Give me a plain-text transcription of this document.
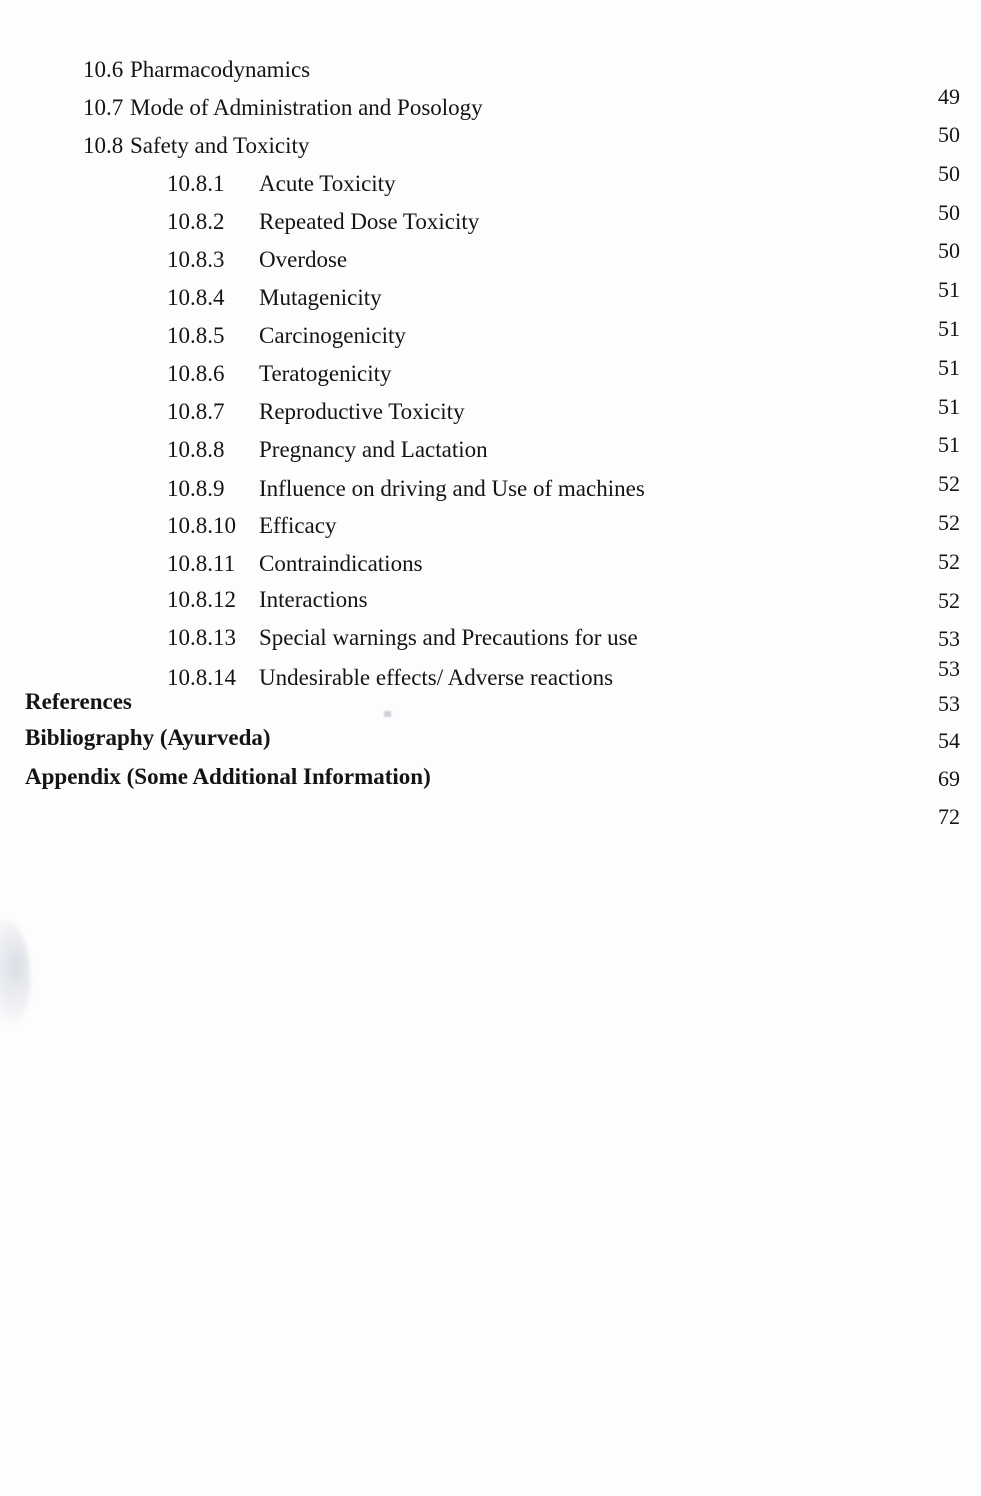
10.6 Pharmacodynamics
10.7 Mode of Administration and Posology
10.8 Safety and Toxicity
10.8.1 Acute Toxicity
10.8.2 Repeated Dose Toxicity
10.8.3 Overdose
10.8.4 Mutagenicity
10.8.5 Carcinogenicity
10.8.6 Teratogenicity
10.8.7 Reproductive Toxicity
10.8.8 Pregnancy and Lactation
10.8.9 Influence on driving and Use of machines
10.8.10 Efficacy
10.8.11 Contraindications
10.8.12 Interactions
10.8.13 Special warnings and Precautions for use
10.8.14 Undesirable effects/ Adverse reactions
References
Bibliography (Ayurveda)
Appendix (Some Additional Information)
49
50
50
50
50
51
51
51
51
51
52
52
52
52
53
53
53
54
69
72
